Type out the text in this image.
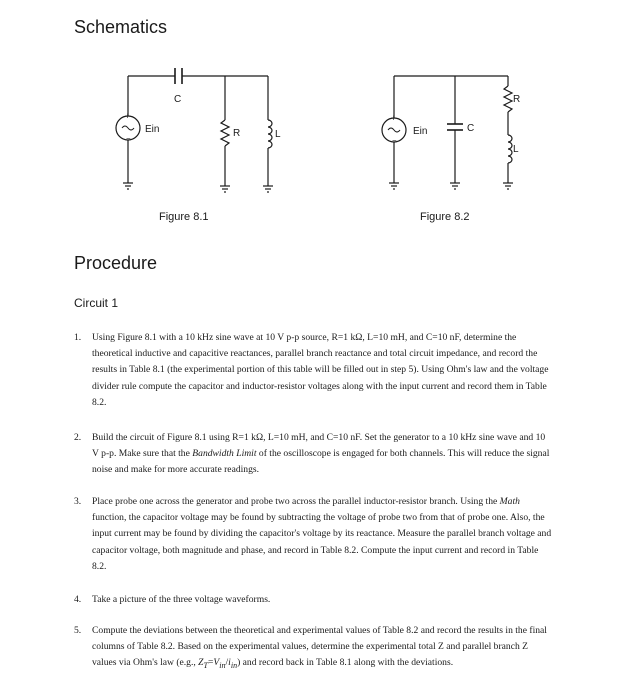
Schematics
+
−
Ein
C
R	L
Figure 8.1
+
−
Ein	C
R
L
Figure 8.2
Procedure
Circuit 1
1. Using Figure 8.1 with a 10 kHz sine wave at 10 V p-p source, R=1 kΩ, L=10 mH, and C=10 nF, determine the theoretical inductive and capacitive reactances, parallel branch reactance and total circuit impedance, and record the results in Table 8.1 (the experimental portion of this table will be filled out in step 5). Using Ohm's law and the voltage divider rule compute the capacitor and inductor-resistor voltages along with the input current and record them in Table 8.2.
2. Build the circuit of Figure 8.1 using R=1 kΩ, L=10 mH, and C=10 nF. Set the generator to a 10 kHz sine wave and 10 V p-p. Make sure that the Bandwidth Limit of the oscilloscope is engaged for both channels. This will reduce the signal noise and make for more accurate readings.
3. Place probe one across the generator and probe two across the parallel inductor-resistor branch. Using the Math function, the capacitor voltage may be found by subtracting the voltage of probe two from that of probe one. Also, the input current may be found by dividing the capacitor's voltage by its reactance. Measure the parallel branch voltage and capacitor voltage, both magnitude and phase, and record in Table 8.2. Compute the input current and record in Table 8.2.
4. Take a picture of the three voltage waveforms.
5. Compute the deviations between the theoretical and experimental values of Table 8.2 and record the results in the final columns of Table 8.2. Based on the experimental values, determine the experimental total Z and parallel branch Z values via Ohm's law (e.g., $Z_T=V_{in}/i_{in}$) and record back in Table 8.1 along with the deviations.
